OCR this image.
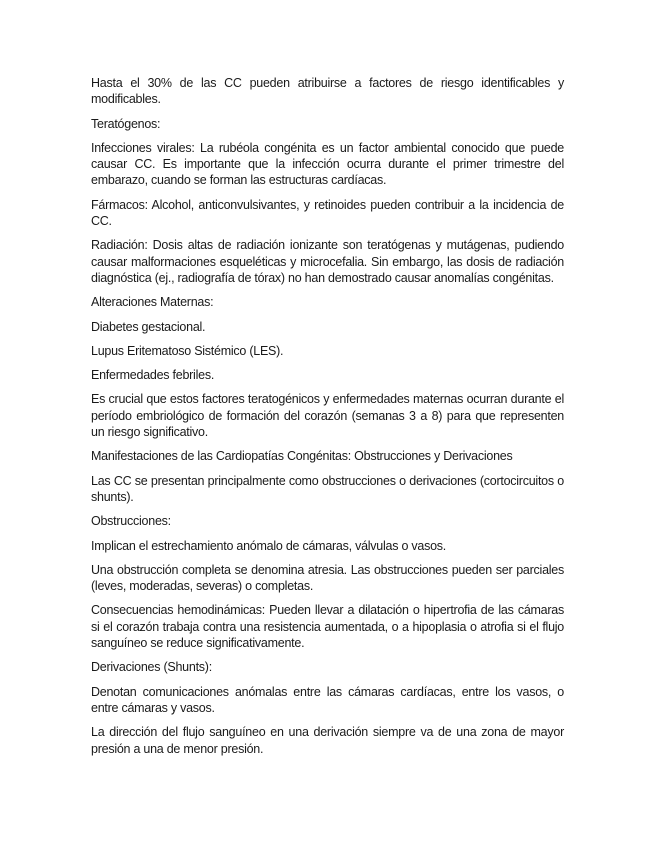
Hasta el 30% de las CC pueden atribuirse a factores de riesgo identificables y modificables.

Teratógenos:

Infecciones virales: La rubéola congénita es un factor ambiental conocido que puede causar CC. Es importante que la infección ocurra durante el primer trimestre del embarazo, cuando se forman las estructuras cardíacas.

Fármacos: Alcohol, anticonvulsivantes, y retinoides pueden contribuir a la incidencia de CC.

Radiación: Dosis altas de radiación ionizante son teratógenas y mutágenas, pudiendo causar malformaciones esqueléticas y microcefalia. Sin embargo, las dosis de radiación diagnóstica (ej., radiografía de tórax) no han demostrado causar anomalías congénitas.

Alteraciones Maternas:

Diabetes gestacional.

Lupus Eritematoso Sistémico (LES).

Enfermedades febriles.

Es crucial que estos factores teratogénicos y enfermedades maternas ocurran durante el período embriológico de formación del corazón (semanas 3 a 8) para que representen un riesgo significativo.

Manifestaciones de las Cardiopatías Congénitas: Obstrucciones y Derivaciones

Las CC se presentan principalmente como obstrucciones o derivaciones (cortocircuitos o shunts).

Obstrucciones:

Implican el estrechamiento anómalo de cámaras, válvulas o vasos.

Una obstrucción completa se denomina atresia. Las obstrucciones pueden ser parciales (leves, moderadas, severas) o completas.

Consecuencias hemodinámicas: Pueden llevar a dilatación o hipertrofia de las cámaras si el corazón trabaja contra una resistencia aumentada, o a hipoplasia o atrofia si el flujo sanguíneo se reduce significativamente.

Derivaciones (Shunts):

Denotan comunicaciones anómalas entre las cámaras cardíacas, entre los vasos, o entre cámaras y vasos.

La dirección del flujo sanguíneo en una derivación siempre va de una zona de mayor presión a una de menor presión.
